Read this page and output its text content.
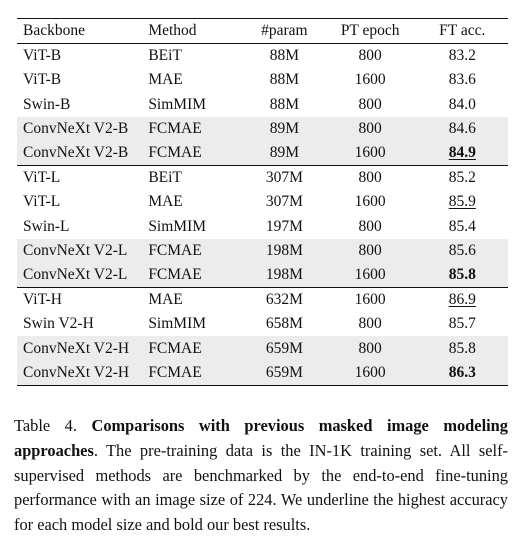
Backbone	Method	#param	PT epoch	FT acc.
ViT-B	BEiT	88M	800	83.2
ViT-B	MAE	88M	1600	83.6
Swin-B	SimMIM	88M	800	84.0
ConvNeXt V2-B	FCMAE	89M	800	84.6
ConvNeXt V2-B	FCMAE	89M	1600	84.9
ViT-L	BEiT	307M	800	85.2
ViT-L	MAE	307M	1600	85.9
Swin-L	SimMIM	197M	800	85.4
ConvNeXt V2-L	FCMAE	198M	800	85.6
ConvNeXt V2-L	FCMAE	198M	1600	85.8
ViT-H	MAE	632M	1600	86.9
Swin V2-H	SimMIM	658M	800	85.7
ConvNeXt V2-H	FCMAE	659M	800	85.8
ConvNeXt V2-H	FCMAE	659M	1600	86.3

Table 4. Comparisons with previous masked image modeling approaches. The pre-training data is the IN-1K training set. All self-supervised methods are benchmarked by the end-to-end fine-tuning performance with an image size of 224. We underline the highest accuracy for each model size and bold our best results.
